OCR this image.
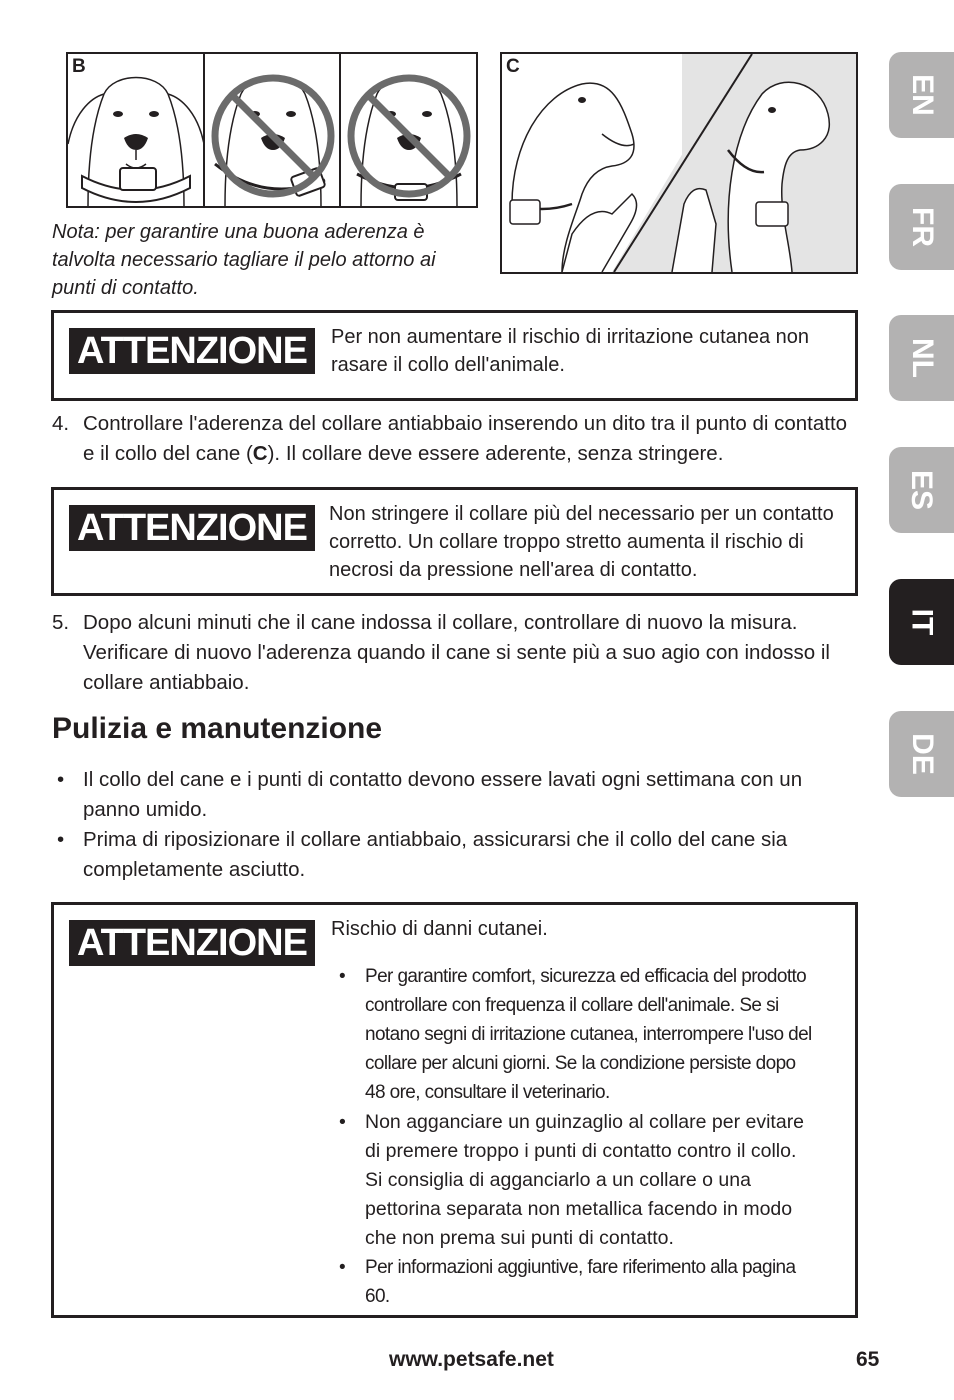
B	C
Nota: per garantire una buona aderenza è talvolta necessario tagliare il pelo attorno ai punti di contatto.
ATTENZIONE	Per non aumentare il rischio di irritazione cutanea non rasare il collo dell'animale.
4. Controllare l'aderenza del collare antiabbaio inserendo un dito tra il punto di contatto e il collo del cane (C). Il collare deve essere aderente, senza stringere.
ATTENZIONE	Non stringere il collare più del necessario per un contatto corretto. Un collare troppo stretto aumenta il rischio di necrosi da pressione nell'area di contatto.
5. Dopo alcuni minuti che il cane indossa il collare, controllare di nuovo la misura. Verificare di nuovo l'aderenza quando il cane si sente più a suo agio con indosso il collare antiabbaio.
Pulizia e manutenzione
• Il collo del cane e i punti di contatto devono essere lavati ogni settimana con un panno umido.
• Prima di riposizionare il collare antiabbaio, assicurarsi che il collo del cane sia completamente asciutto.
ATTENZIONE	Rischio di danni cutanei.
• Per garantire comfort, sicurezza ed efficacia del prodotto controllare con frequenza il collare dell'animale. Se si notano segni di irritazione cutanea, interrompere l'uso del collare per alcuni giorni. Se la condizione persiste dopo 48 ore, consultare il veterinario.
• Non agganciare un guinzaglio al collare per evitare di premere troppo i punti di contatto contro il collo. Si consiglia di agganciarlo a un collare o una pettorina separata non metallica facendo in modo che non prema sui punti di contatto.
• Per informazioni aggiuntive, fare riferimento alla pagina 60.
EN
FR
NL
ES
IT
DE
www.petsafe.net	65
